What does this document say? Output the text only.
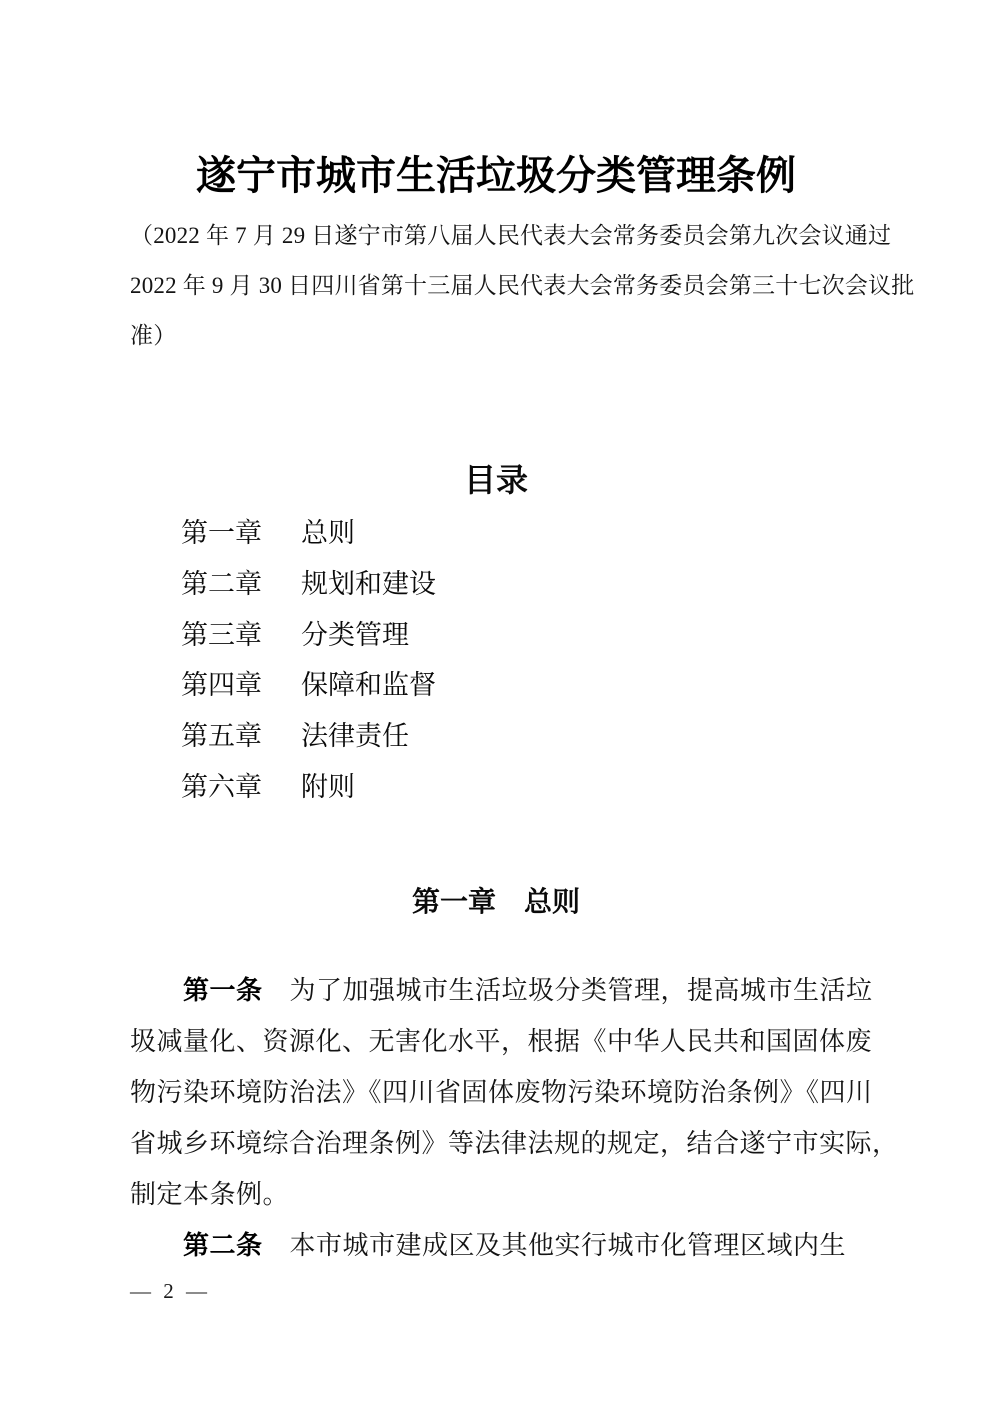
遂宁市城市生活垃圾分类管理条例
（2022 年 7 月 29 日遂宁市第八届人民代表大会常务委员会第九次会议通过
2022 年 9 月 30 日四川省第十三届人民代表大会常务委员会第三十七次会议批
准）
目录
第一章 总则
第二章 规划和建设
第三章 分类管理
第四章 保障和监督
第五章 法律责任
第六章 附则
第一章　总则
第一条 为了加强城市生活垃圾分类管理，提高城市生活垃
圾减量化、资源化、无害化水平，根据《中华人民共和国固体废
物污染环境防治法》《四川省固体废物污染环境防治条例》《四川
省城乡环境综合治理条例》等法律法规的规定，结合遂宁市实际，
制定本条例。
第二条 本市城市建成区及其他实行城市化管理区域内生
— 2 —
